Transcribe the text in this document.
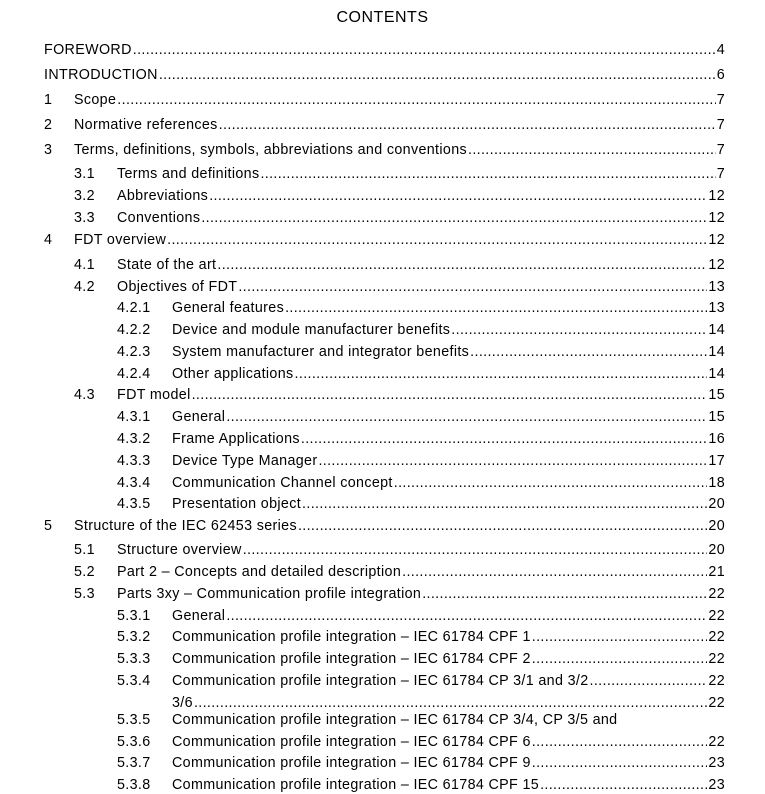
CONTENTS
FOREWORD .....	4
INTRODUCTION .....	6
1	Scope .....	7
2	Normative references .....	7
3	Terms, definitions, symbols, abbreviations and conventions .....	7
3.1	Terms and definitions .....	7
3.2	Abbreviations .....	12
3.3	Conventions .....	12
4	FDT overview .....	12
4.1	State of the art .....	12
4.2	Objectives of FDT .....	13
4.2.1	General features .....	13
4.2.2	Device and module manufacturer benefits .....	14
4.2.3	System manufacturer and integrator benefits .....	14
4.2.4	Other applications .....	14
4.3	FDT model .....	15
4.3.1	General .....	15
4.3.2	Frame Applications .....	16
4.3.3	Device Type Manager .....	17
4.3.4	Communication Channel concept .....	18
4.3.5	Presentation object .....	20
5	Structure of the IEC 62453 series .....	20
5.1	Structure overview .....	20
5.2	Part 2 – Concepts and detailed description .....	21
5.3	Parts 3xy – Communication profile integration .....	22
5.3.1	General .....	22
5.3.2	Communication profile integration – IEC 61784 CPF 1 .....	22
5.3.3	Communication profile integration – IEC 61784 CPF 2 .....	22
5.3.4	Communication profile integration – IEC 61784 CP 3/1 and 3/2 .....	22
5.3.5	Communication profile integration – IEC 61784 CP 3/4, CP 3/5 and
3/6 .....	22
5.3.6	Communication profile integration – IEC 61784 CPF 6 .....	22
5.3.7	Communication profile integration – IEC 61784 CPF 9 .....	23
5.3.8	Communication profile integration – IEC 61784 CPF 15 .....	23
